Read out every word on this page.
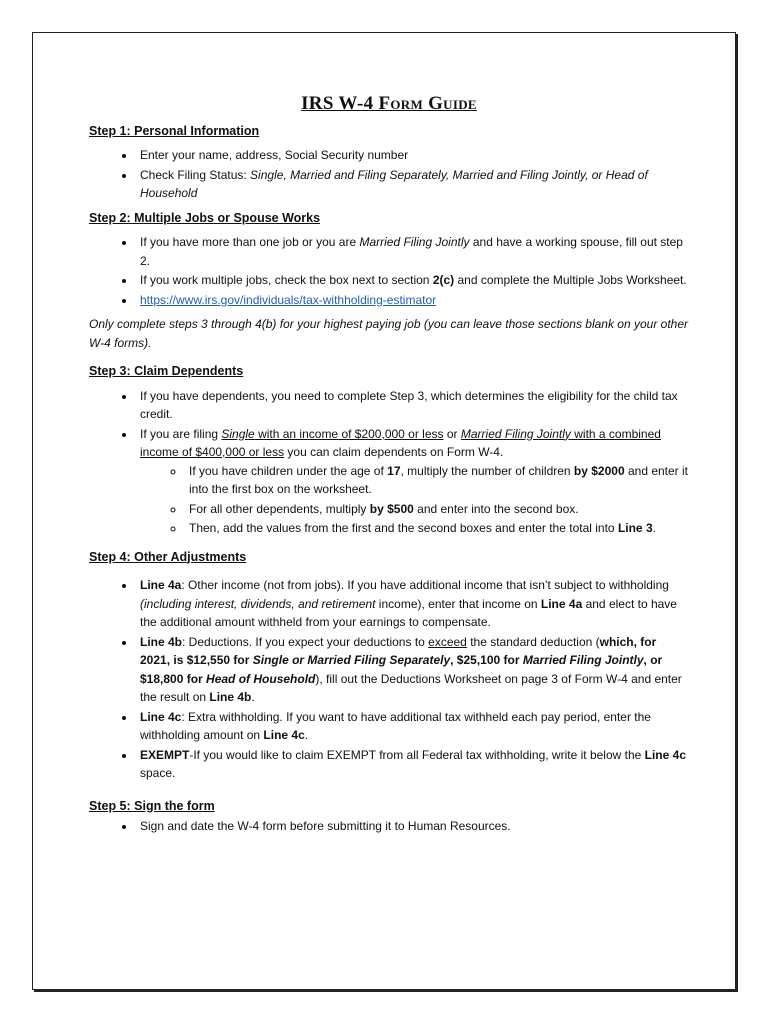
IRS W-4 Form Guide

Step 1: Personal Information

• Enter your name, address, Social Security number
• Check Filing Status: Single, Married and Filing Separately, Married and Filing Jointly, or Head of Household

Step 2: Multiple Jobs or Spouse Works

• If you have more than one job or you are Married Filing Jointly and have a working spouse, fill out step 2.
• If you work multiple jobs, check the box next to section 2(c) and complete the Multiple Jobs Worksheet.
• https://www.irs.gov/individuals/tax-withholding-estimator

Only complete steps 3 through 4(b) for your highest paying job (you can leave those sections blank on your other W-4 forms).

Step 3: Claim Dependents

• If you have dependents, you need to complete Step 3, which determines the eligibility for the child tax credit.
• If you are filing Single with an income of $200,000 or less or Married Filing Jointly with a combined income of $400,000 or less you can claim dependents on Form W-4.
◦ If you have children under the age of 17, multiply the number of children by $2000 and enter it into the first box on the worksheet.
◦ For all other dependents, multiply by $500 and enter into the second box.
◦ Then, add the values from the first and the second boxes and enter the total into Line 3.

Step 4: Other Adjustments

• Line 4a: Other income (not from jobs). If you have additional income that isn’t subject to withholding (including interest, dividends, and retirement income), enter that income on Line 4a and elect to have the additional amount withheld from your earnings to compensate.
• Line 4b: Deductions. If you expect your deductions to exceed the standard deduction (which, for 2021, is $12,550 for Single or Married Filing Separately, $25,100 for Married Filing Jointly, or $18,800 for Head of Household), fill out the Deductions Worksheet on page 3 of Form W-4 and enter the result on Line 4b.
• Line 4c: Extra withholding. If you want to have additional tax withheld each pay period, enter the withholding amount on Line 4c.
• EXEMPT-If you would like to claim EXEMPT from all Federal tax withholding, write it below the Line 4c space.

Step 5: Sign the form

• Sign and date the W-4 form before submitting it to Human Resources.
